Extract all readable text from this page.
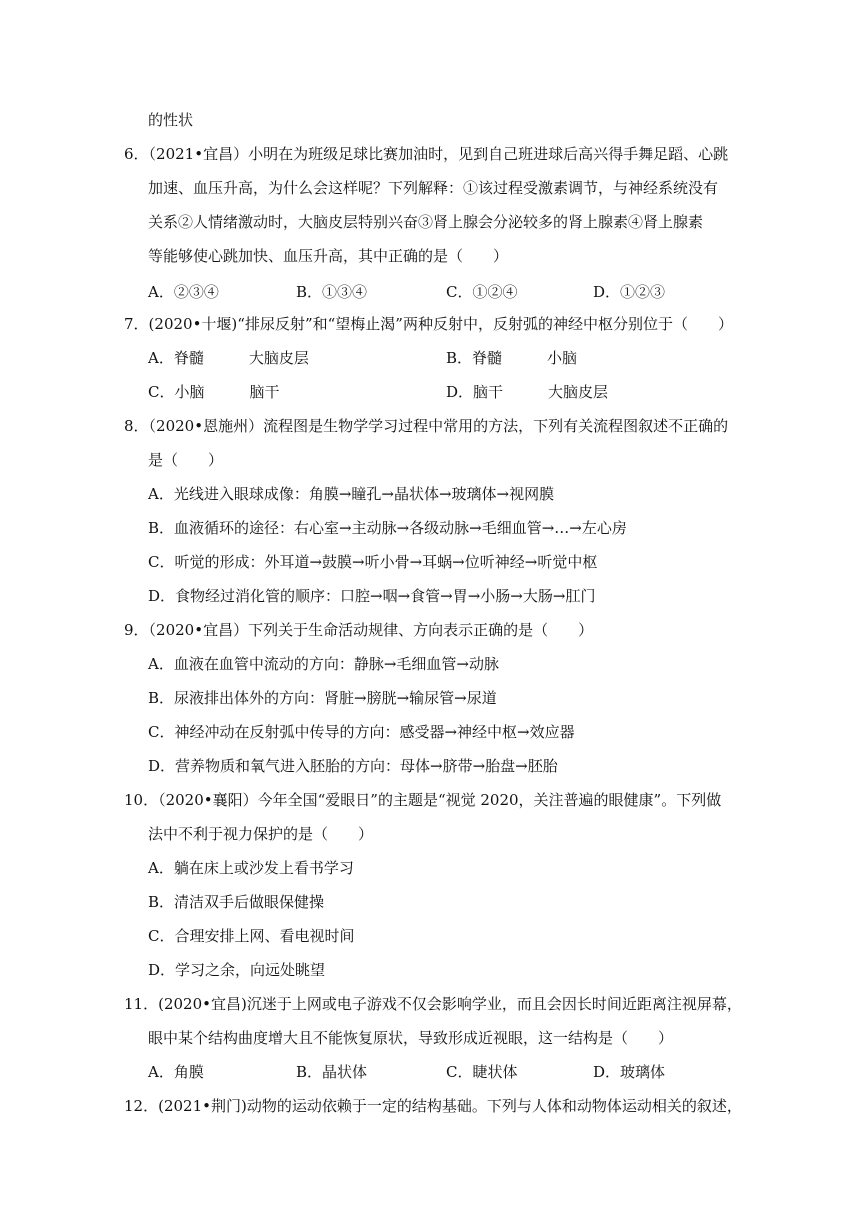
的性状
6．（2021•宜昌）小明在为班级足球比赛加油时，见到自己班进球后高兴得手舞足蹈、心跳
加速、血压升高，为什么会这样呢？下列解释：①该过程受激素调节，与神经系统没有
关系②人情绪激动时，大脑皮层特别兴奋③肾上腺会分泌较多的肾上腺素④肾上腺素
等能够使心跳加快、血压升高，其中正确的是（　　）
A．②③④	B．①③④	C．①②④	D．①②③
7．(2020•十堰)“排尿反射”和“望梅止渴”两种反射中，反射弧的神经中枢分别位于（　　）
A．脊髓　　　大脑皮层	B．脊髓　　　小脑
C．小脑　　　脑干	D．脑干　　　大脑皮层
8．（2020•恩施州）流程图是生物学学习过程中常用的方法，下列有关流程图叙述不正确的
是（　　）
A．光线进入眼球成像：角膜→瞳孔→晶状体→玻璃体→视网膜
B．血液循环的途径：右心室→主动脉→各级动脉→毛细血管→…→左心房
C．听觉的形成：外耳道→鼓膜→听小骨→耳蜗→位听神经→听觉中枢
D．食物经过消化管的顺序：口腔→咽→食管→胃→小肠→大肠→肛门
9．（2020•宜昌）下列关于生命活动规律、方向表示正确的是（　　）
A．血液在血管中流动的方向：静脉→毛细血管→动脉
B．尿液排出体外的方向：肾脏→膀胱→输尿管→尿道
C．神经冲动在反射弧中传导的方向：感受器→神经中枢→效应器
D．营养物质和氧气进入胚胎的方向：母体→脐带→胎盘→胚胎
10．（2020•襄阳）今年全国“爱眼日”的主题是“视觉 2020，关注普遍的眼健康”。下列做
法中不利于视力保护的是（　　）
A．躺在床上或沙发上看书学习
B．清洁双手后做眼保健操
C．合理安排上网、看电视时间
D．学习之余，向远处眺望
11．(2020•宜昌)沉迷于上网或电子游戏不仅会影响学业，而且会因长时间近距离注视屏幕，
眼中某个结构曲度增大且不能恢复原状，导致形成近视眼，这一结构是（　　）
A．角膜	B．晶状体	C．睫状体	D．玻璃体
12．(2021•荆门)动物的运动依赖于一定的结构基础。下列与人体和动物体运动相关的叙述，
